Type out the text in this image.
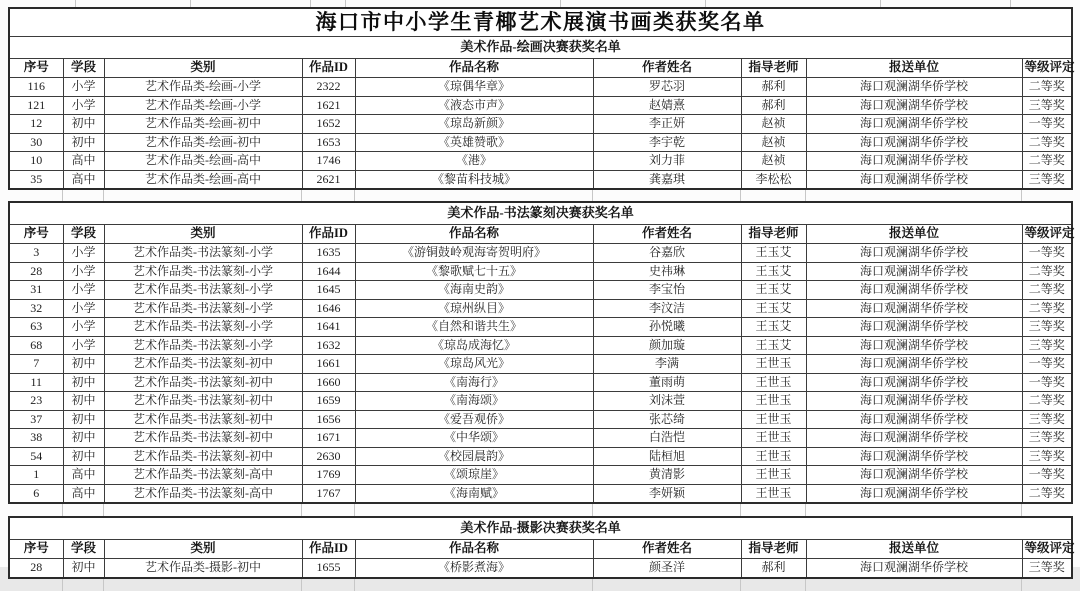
海口市中小学生青椰艺术展演书画类获奖名单								
美术作品-绘画决赛获奖名单								
序号	学段	类别	作品ID	作品名称	作者姓名	指导老师	报送单位	等级评定
116	小学	艺术作品类-绘画-小学	2322	《琼偶华章》	罗芯羽	郝利	海口观澜湖华侨学校	二等奖
121	小学	艺术作品类-绘画-小学	1621	《液态市声》	赵婧熹	郝利	海口观澜湖华侨学校	三等奖
12	初中	艺术作品类-绘画-初中	1652	《琼岛新颜》	李正妍	赵祯	海口观澜湖华侨学校	一等奖
30	初中	艺术作品类-绘画-初中	1653	《英雄赞歌》	李宇乾	赵祯	海口观澜湖华侨学校	二等奖
10	高中	艺术作品类-绘画-高中	1746	《港》	刘力菲	赵祯	海口观澜湖华侨学校	二等奖
35	高中	艺术作品类-绘画-高中	2621	《黎苗科技城》	龚嘉琪	李松松	海口观澜湖华侨学校	三等奖
美术作品-书法篆刻决赛获奖名单								
序号	学段	类别	作品ID	作品名称	作者姓名	指导老师	报送单位	等级评定
3	小学	艺术作品类-书法篆刻-小学	1635	《游铜鼓岭观海寄贺明府》	谷嘉欣	王玉艾	海口观澜湖华侨学校	一等奖
28	小学	艺术作品类-书法篆刻-小学	1644	《黎歌赋七十五》	史祎琳	王玉艾	海口观澜湖华侨学校	二等奖
31	小学	艺术作品类-书法篆刻-小学	1645	《海南史韵》	李宝怡	王玉艾	海口观澜湖华侨学校	二等奖
32	小学	艺术作品类-书法篆刻-小学	1646	《琼州纵目》	李汶洁	王玉艾	海口观澜湖华侨学校	二等奖
63	小学	艺术作品类-书法篆刻-小学	1641	《自然和谐共生》	孙悦曦	王玉艾	海口观澜湖华侨学校	三等奖
68	小学	艺术作品类-书法篆刻-小学	1632	《琼岛成海忆》	颜加璇	王玉艾	海口观澜湖华侨学校	三等奖
7	初中	艺术作品类-书法篆刻-初中	1661	《琼岛风光》	李满	王世玉	海口观澜湖华侨学校	一等奖
11	初中	艺术作品类-书法篆刻-初中	1660	《南海行》	董雨萌	王世玉	海口观澜湖华侨学校	一等奖
23	初中	艺术作品类-书法篆刻-初中	1659	《南海颂》	刘沫萱	王世玉	海口观澜湖华侨学校	二等奖
37	初中	艺术作品类-书法篆刻-初中	1656	《爱吾观侨》	张芯绮	王世玉	海口观澜湖华侨学校	三等奖
38	初中	艺术作品类-书法篆刻-初中	1671	《中华颂》	白浩恺	王世玉	海口观澜湖华侨学校	三等奖
54	初中	艺术作品类-书法篆刻-初中	2630	《校园晨韵》	陆桓旭	王世玉	海口观澜湖华侨学校	三等奖
1	高中	艺术作品类-书法篆刻-高中	1769	《颂琼崖》	黄清影	王世玉	海口观澜湖华侨学校	一等奖
6	高中	艺术作品类-书法篆刻-高中	1767	《海南赋》	李妍颖	王世玉	海口观澜湖华侨学校	二等奖
美术作品-摄影决赛获奖名单								
序号	学段	类别	作品ID	作品名称	作者姓名	指导老师	报送单位	等级评定
28	初中	艺术作品类-摄影-初中	1655	《桥影煮海》	颜圣洋	郝利	海口观澜湖华侨学校	三等奖
